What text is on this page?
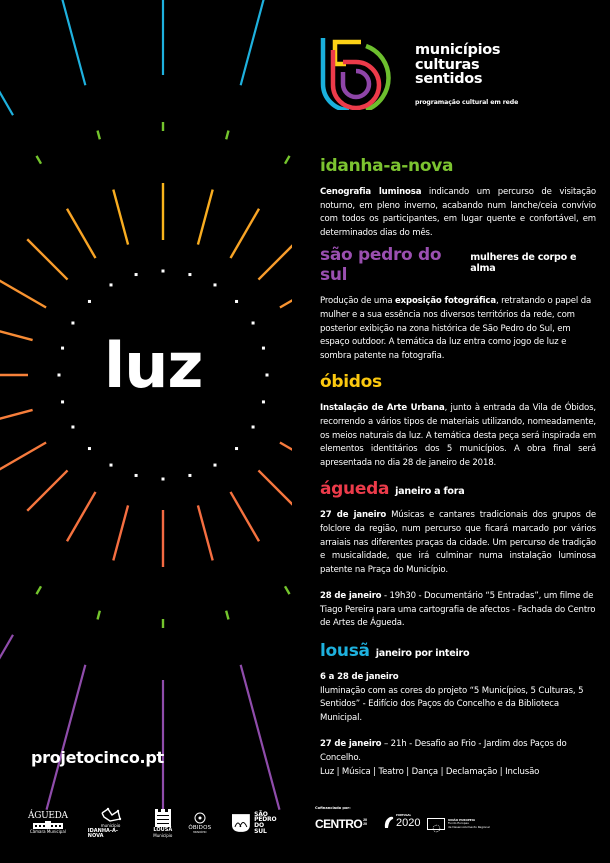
luz
projetocinco.pt
ÁGUEDA
Câmara Municipal
município
IDANHA-A-NOVA
LOUSÃ
Município
ÓBIDOS
MUNICÍPIO
SÃO
PEDRO
DO SUL
municípios
culturas
sentidos
programação cultural em rede
idanha-a-nova

Cenografia luminosa indicando um percurso de visitação noturno, em pleno inverno, acabando num lanche/ceia convívio com todos os participantes, em lugar quente e confortável, em determinados dias do mês.

são pedro do sul
mulheres de corpo e alma

Produção de uma exposição fotográfica, retratando o papel da mulher e a sua essência nos diversos territórios da rede, com posterior exibição na zona histórica de São Pedro do Sul, em espaço outdoor. A temática da luz entra como jogo de luz e sombra patente na fotografia.

óbidos

Instalação de Arte Urbana, junto à entrada da Vila de Óbidos, recorrendo a vários tipos de materiais utilizando, nomeadamente, os meios naturais da luz. A temática desta peça será inspirada em elementos identitários dos 5 municípios. A obra final será apresentada no dia 28 de janeiro de 2018.

águeda janeiro a fora

27 de janeiro Músicas e cantares tradicionais dos grupos de folclore da região, num percurso que ficará marcado por vários arraiais nas diferentes praças da cidade. Um percurso de tradição e musicalidade, que irá culminar numa instalação luminosa patente na Praça do Município.

28 de janeiro - 19h30 - Documentário “5 Entradas”, um filme de Tiago Pereira para uma cartografia de afectos - Fachada do Centro de Artes de Águeda.

lousã janeiro por inteiro

6 a 28 de janeiro
Iluminação com as cores do projeto “5 Municípios, 5 Culturas, 5 Sentidos” - Edifício dos Paços do Concelho e da Biblioteca Municipal.

27 de janeiro – 21h - Desafio ao Frio - Jardim dos Paços do Concelho.
Luz | Música | Teatro | Dança | Declamação | Inclusão

Cofinanciado por:
CENTRO 2 0
2 0
PORTUGAL
2020	UNIÃO EUROPEIA
Fundo Europeu
de Desenvolvimento Regional
